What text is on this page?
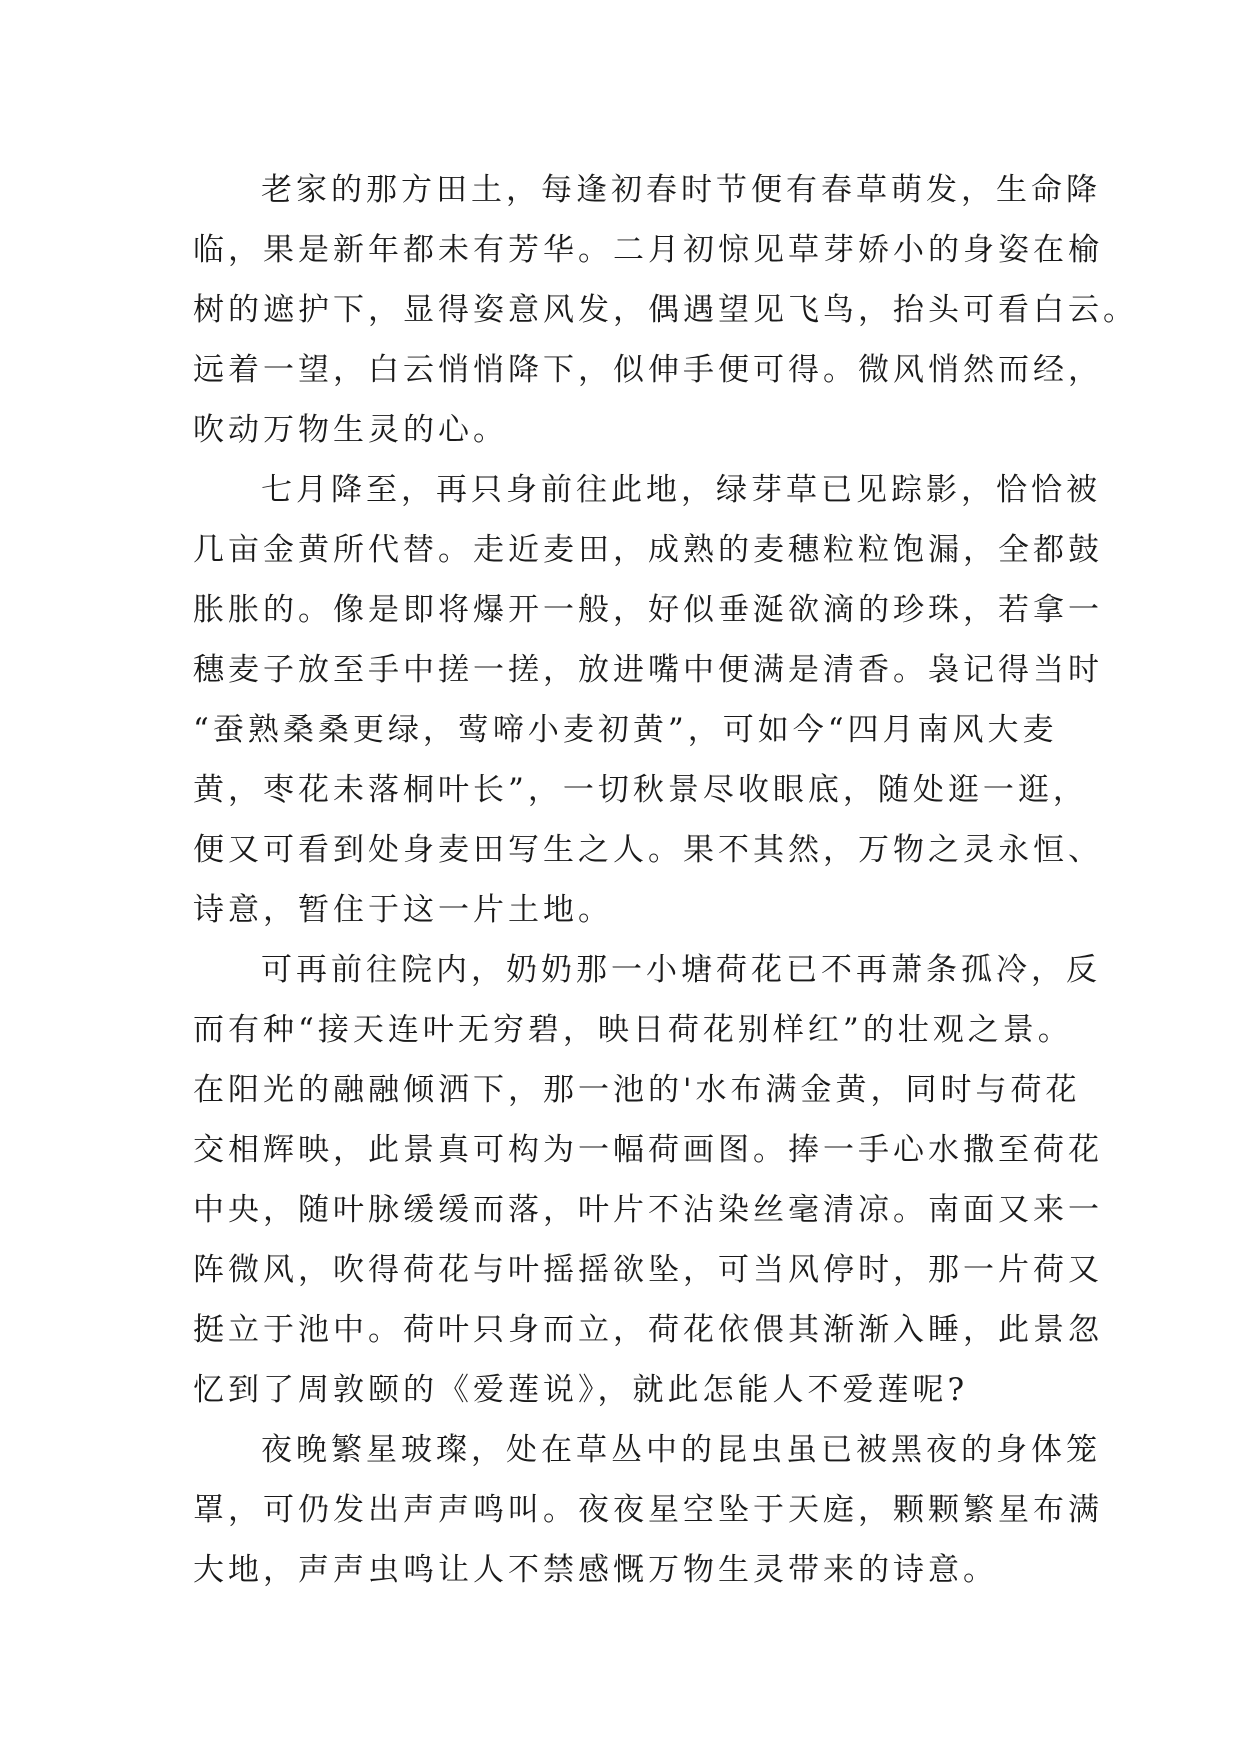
老家的那方田土，每逢初春时节便有春草萌发，生命降
临，果是新年都未有芳华。二月初惊见草芽娇小的身姿在榆
树的遮护下，显得姿意风发，偶遇望见飞鸟，抬头可看白云。
远着一望，白云悄悄降下，似伸手便可得。微风悄然而经，
吹动万物生灵的心。
七月降至，再只身前往此地，绿芽草已见踪影，恰恰被
几亩金黄所代替。走近麦田，成熟的麦穗粒粒饱漏，全都鼓
胀胀的。像是即将爆开一般，好似垂涎欲滴的珍珠，若拿一
穗麦子放至手中搓一搓，放进嘴中便满是清香。袅记得当时
“蚕熟桑桑更绿，莺啼小麦初黄”，可如今“四月南风大麦
黄，枣花未落桐叶长”，一切秋景尽收眼底，随处逛一逛，
便又可看到处身麦田写生之人。果不其然，万物之灵永恒、
诗意，暂住于这一片土地。
可再前往院内，奶奶那一小塘荷花已不再萧条孤冷，反
而有种“接天连叶无穷碧，映日荷花别样红”的壮观之景。
在阳光的融融倾洒下，那一池的'水布满金黄，同时与荷花
交相辉映，此景真可构为一幅荷画图。捧一手心水撒至荷花
中央，随叶脉缓缓而落，叶片不沾染丝毫清凉。南面又来一
阵微风，吹得荷花与叶摇摇欲坠，可当风停时，那一片荷又
挺立于池中。荷叶只身而立，荷花依偎其渐渐入睡，此景忽
忆到了周敦颐的《爱莲说》，就此怎能人不爱莲呢?
夜晚繁星玻璨，处在草丛中的昆虫虽已被黑夜的身体笼
罩，可仍发出声声鸣叫。夜夜星空坠于天庭，颗颗繁星布满
大地，声声虫鸣让人不禁感慨万物生灵带来的诗意。
